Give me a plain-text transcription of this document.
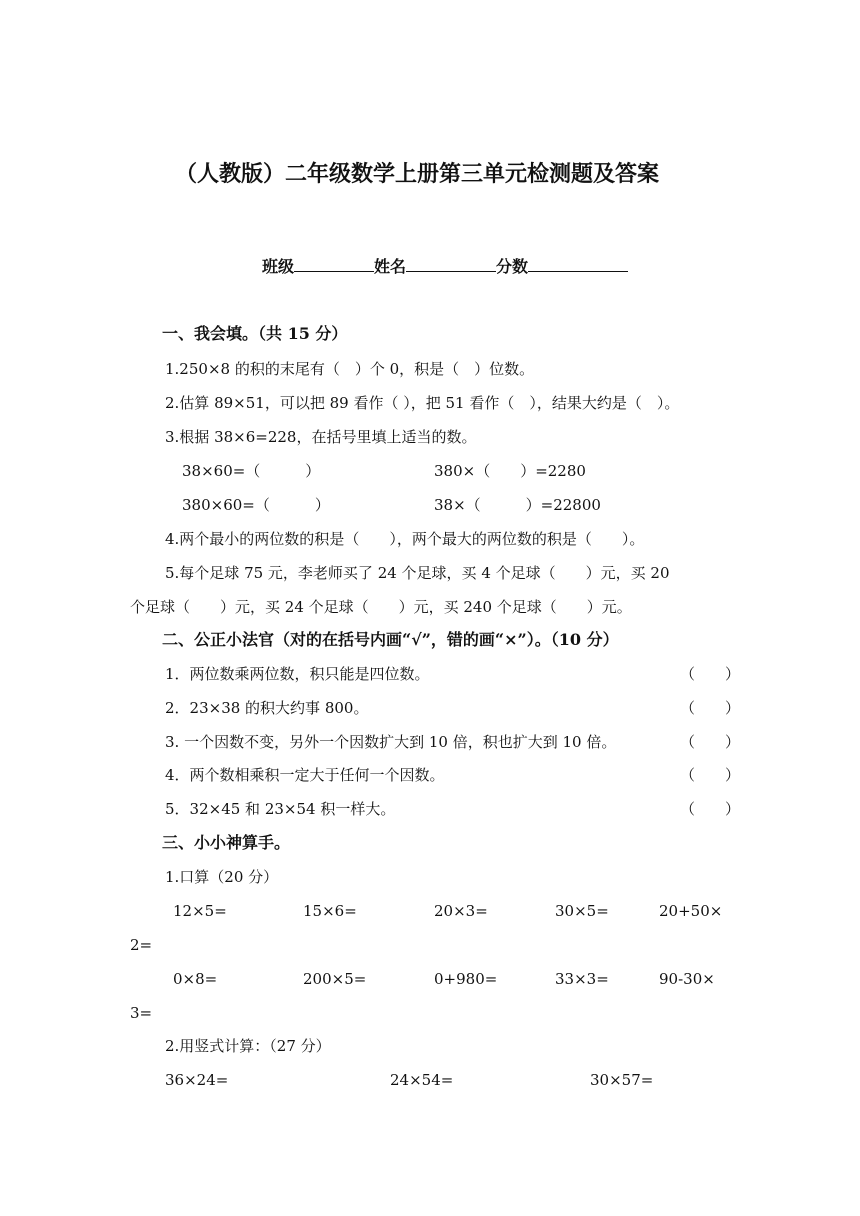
（人教版）二年级数学上册第三单元检测题及答案
班级	姓名	分数
一、我会填。（共 15 分）
1.250×8 的积的末尾有（　）个 0，积是（　）位数。
2.估算 89×51，可以把 89 看作（ ），把 51 看作（　），结果大约是（　）。
3.根据 38×6=228，在括号里填上适当的数。
38×60=（　　　）	380×（　　）=2280
380×60=（　　　）	38×（　　　）=22800
4.两个最小的两位数的积是（　　），两个最大的两位数的积是（　　）。
5.每个足球 75 元，李老师买了 24 个足球，买 4 个足球（　　）元，买 20
个足球（　　）元，买 24 个足球（　　）元，买 240 个足球（　　）元。
二、公正小法官（对的在括号内画“√”，错的画“×”）。（10 分）
1．两位数乘两位数，积只能是四位数。	（　　）
2．23×38 的积大约事 800。	（　　）
3. 一个因数不变，另外一个因数扩大到 10 倍，积也扩大到 10 倍。	（　　）
4．两个数相乘积一定大于任何一个因数。	（　　）
5．32×45 和 23×54 积一样大。	（　　）
三、小小神算手。
1.口算（20 分）
12×5=	15×6=	20×3=	30×5=	20+50×
2=
0×8=	200×5=	0+980=	33×3=	90-30×
3=
2.用竖式计算：（27 分）
36×24=	24×54=	30×57=
